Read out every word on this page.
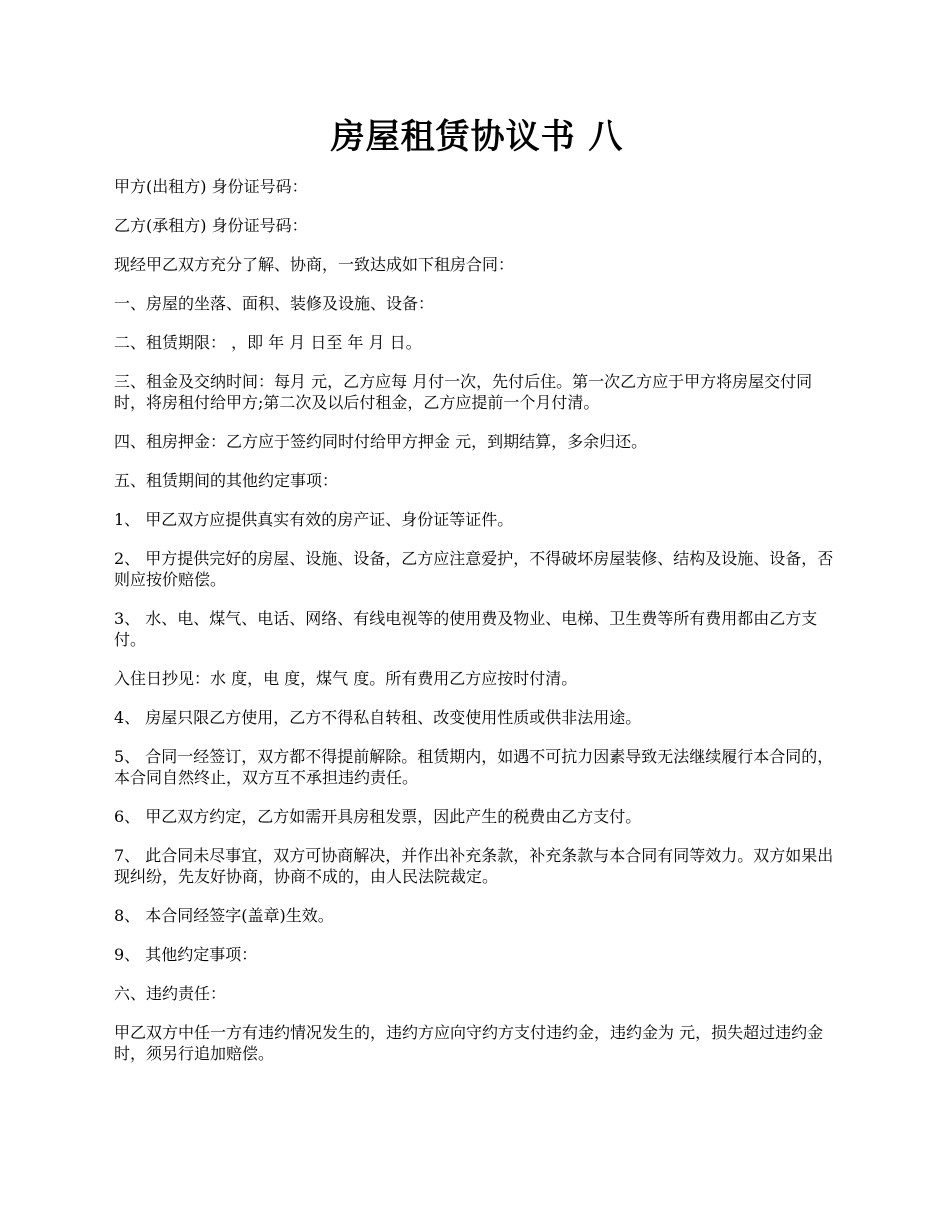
房屋租赁协议书 八

甲方(出租方) 身份证号码：

乙方(承租方) 身份证号码：

现经甲乙双方充分了解、协商，一致达成如下租房合同：

一、房屋的坐落、面积、装修及设施、设备：

二、租赁期限： ，即 年 月 日至 年 月 日。

三、租金及交纳时间：每月 元，乙方应每 月付一次，先付后住。第一次乙方应于甲方将房屋交付同时，将房租付给甲方;第二次及以后付租金，乙方应提前一个月付清。

四、租房押金：乙方应于签约同时付给甲方押金 元，到期结算，多余归还。

五、租赁期间的其他约定事项：

1、 甲乙双方应提供真实有效的房产证、身份证等证件。

2、 甲方提供完好的房屋、设施、设备，乙方应注意爱护，不得破坏房屋装修、结构及设施、设备，否则应按价赔偿。

3、 水、电、煤气、电话、网络、有线电视等的使用费及物业、电梯、卫生费等所有费用都由乙方支付。

入住日抄见：水 度，电 度，煤气 度。所有费用乙方应按时付清。

4、 房屋只限乙方使用，乙方不得私自转租、改变使用性质或供非法用途。

5、 合同一经签订，双方都不得提前解除。租赁期内，如遇不可抗力因素导致无法继续履行本合同的，本合同自然终止，双方互不承担违约责任。

6、 甲乙双方约定，乙方如需开具房租发票，因此产生的税费由乙方支付。

7、 此合同未尽事宜，双方可协商解决，并作出补充条款，补充条款与本合同有同等效力。双方如果出现纠纷，先友好协商，协商不成的，由人民法院裁定。

8、 本合同经签字(盖章)生效。

9、 其他约定事项：

六、违约责任：

甲乙双方中任一方有违约情况发生的，违约方应向守约方支付违约金，违约金为 元，损失超过违约金时，须另行追加赔偿。
